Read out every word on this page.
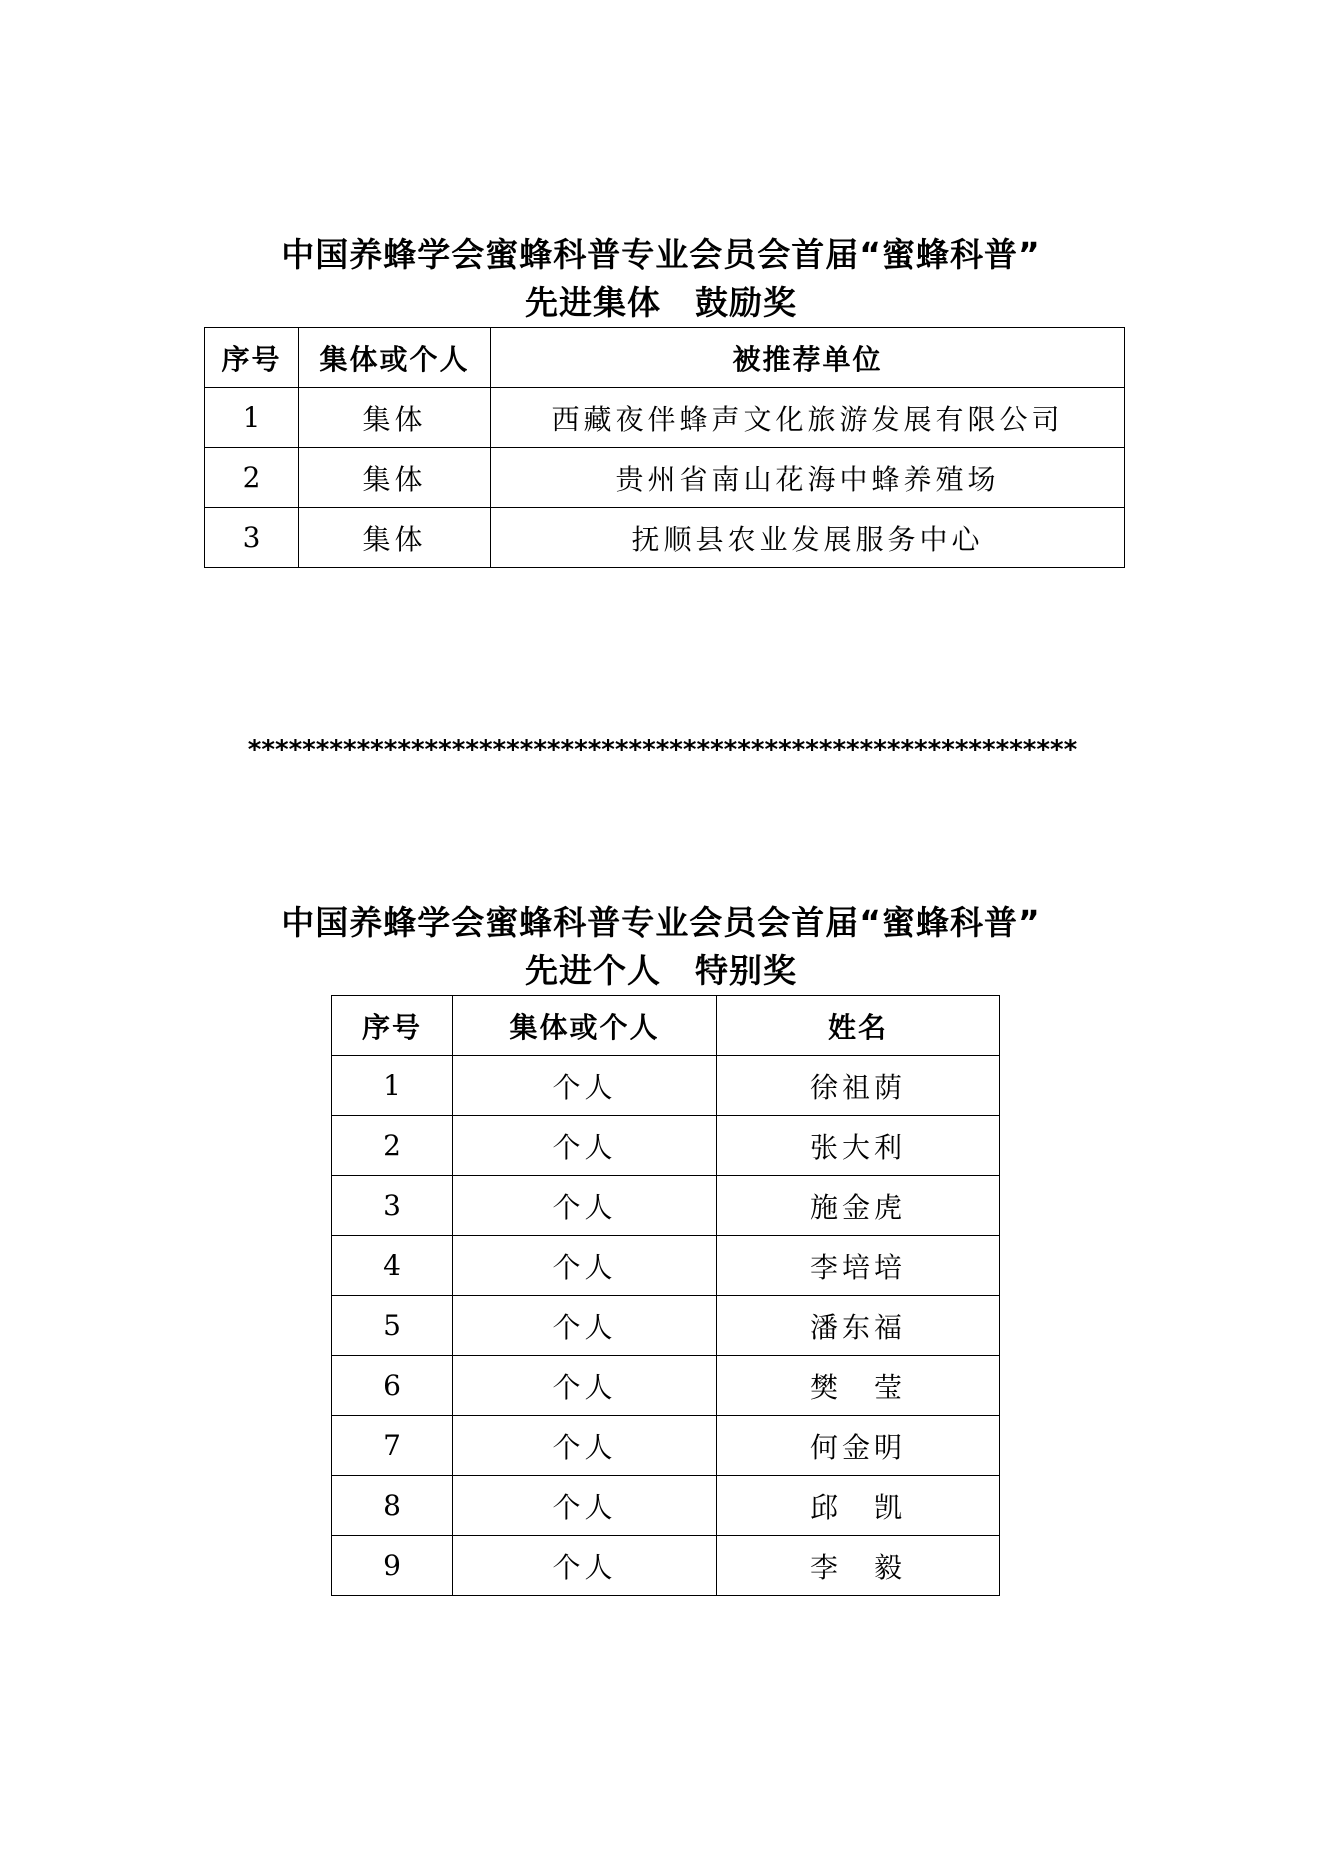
中国养蜂学会蜜蜂科普专业会员会首届“蜜蜂科普”
先进集体　鼓励奖
序号	集体或个人	被推荐单位
1	集体	西藏夜伴蜂声文化旅游发展有限公司
2	集体	贵州省南山花海中蜂养殖场
3	集体	抚顺县农业发展服务中心
*************************************************************
中国养蜂学会蜜蜂科普专业会员会首届“蜜蜂科普”
先进个人　特别奖
序号	集体或个人	姓名
1	个人	徐祖荫
2	个人	张大利
3	个人	施金虎
4	个人	李培培
5	个人	潘东福
6	个人	樊　莹
7	个人	何金明
8	个人	邱　凯
9	个人	李　毅
